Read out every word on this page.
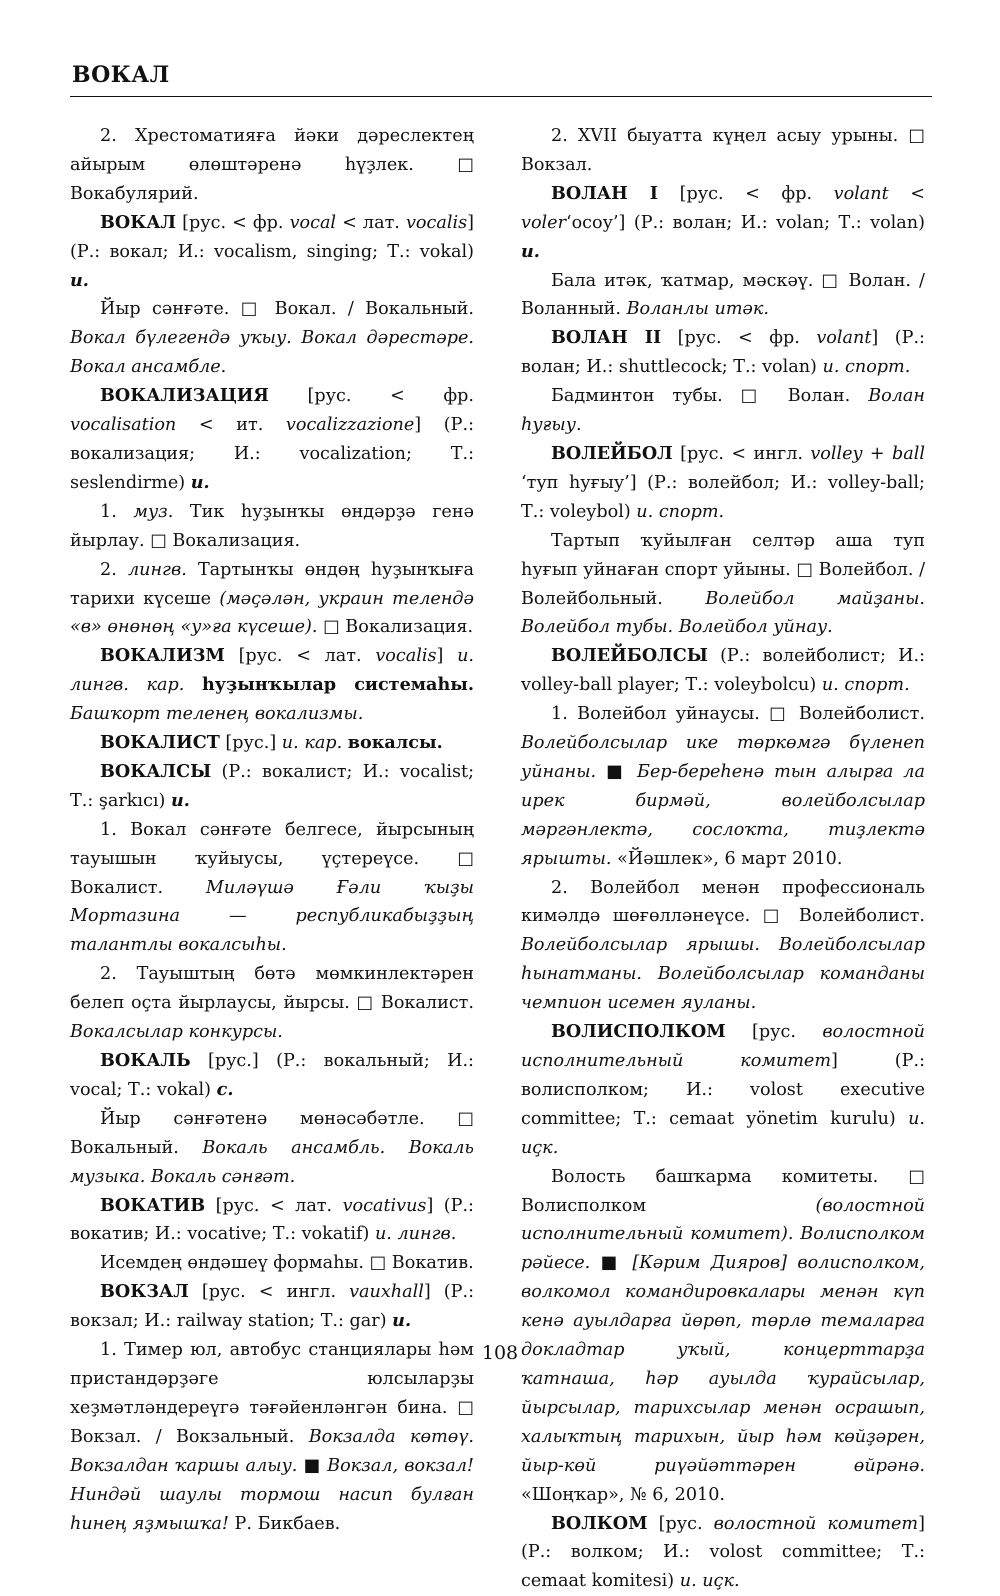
ВОКАЛ

2. Хрестоматияға йәки дәреслектең айырым өлөштәренә һүҙлек. □ Вокабулярий.

ВОКАЛ [рус. < фр. vocal < лат. vocalis] (Р.: вокал; И.: vocalism, singing; Т.: vokal) и.

Йыр сәнғәте. □ Вокал. / Вокальный. Вокал бүлегендә уҡыу. Вокал дәрестәре. Вокал ансамбле.

ВОКАЛИЗАЦИЯ [рус. < фр. vocalisation < ит. vocalizzazione] (Р.: вокализация; И.: vocalization; Т.: seslendirme) и.

1. муз. Тик һуҙынҡы өндәрҙә генә йырлау. □ Вокализация.

2. лингв. Тартынҡы өндөң һуҙынҡыға тарихи күсеше (мәҫәлән, украин телендә «в» өнөнөң «у»ға күсеше). □ Вокализация.

ВОКАЛИЗМ [рус. < лат. vocalis] и. лингв. кар. һуҙынҡылар системаһы. Башҡорт теленең вокализмы.

ВОКАЛИСТ [рус.] и. кар. вокалсы.

ВОКАЛСЫ (Р.: вокалист; И.: vocalist; Т.: şarkıcı) и.

1. Вокал сәнғәте белгесе, йырсының тауышын ҡуйыусы, үҫтереүсе. □ Вокалист. Миләүшә Ғәли ҡыҙы Мортазина — республикабыҙҙың талантлы вокалсыһы.

2. Тауыштың бөтә мөмкинлектәрен белеп оҫта йырлаусы, йырсы. □ Вокалист. Вокалсылар конкурсы.

ВОКАЛЬ [рус.] (Р.: вокальный; И.: vocal; Т.: vokal) с.

Йыр сәнғәтенә мөнәсәбәтле. □ Вокальный. Вокаль ансамбль. Вокаль музыка. Вокаль сәнғәт.

ВОКАТИВ [рус. < лат. vocativus] (Р.: вокатив; И.: vocative; Т.: vokatif) и. лингв.

Исемдең өндәшеү формаһы. □ Вокатив.

ВОКЗАЛ [рус. < ингл. vauxhall] (Р.: вокзал; И.: railway station; Т.: gar) и.

1. Тимер юл, автобус станциялары һәм пристандәрҙәге юлсыларҙы хеҙмәтләндереүгә тәғәйенләнгән бина. □ Вокзал. / Вокзальный. Вокзалда көтөү. Вокзалдан ҡаршы алыу. ■ Вокзал, вокзал! Ниндәй шаулы тормош насип булған һинең яҙмышҡа! Р. Бикбаев.

2. XVII быуатта күңел асыу урыны. □ Вокзал.

ВОЛАН I [рус. < фр. volant < voler‘осоу’] (Р.: волан; И.: volan; Т.: volan) и.

Бала итәк, ҡатмар, мәскәү. □ Волан. / Воланный. Воланлы итәк.

ВОЛАН II [рус. < фр. volant] (Р.: волан; И.: shuttlecock; Т.: volan) и. спорт.

Бадминтон тубы. □ Волан. Волан һуғыу.

ВОЛЕЙБОЛ [рус. < ингл. volley + ball ‘туп һуғыу’] (Р.: волейбол; И.: volley-ball; Т.: voleybol) и. спорт.

Тартып ҡуйылған селтәр аша туп һуғып уйнаған спорт уйыны. □ Волейбол. / Волейбольный. Волейбол майҙаны. Волейбол тубы. Волейбол уйнау.

ВОЛЕЙБОЛСЫ (Р.: волейболист; И.: volley-ball player; Т.: voleybolcu) и. спорт.

1. Волейбол уйнаусы. □ Волейболист. Волейболсылар ике төркөмгә бүленеп уйнаны. ■ Бер-береһенә тын алырға ла ирек бирмәй, волейболсылар мәргәнлектә, сослоҡта, тиҙлектә ярышты. «Йәшлек», 6 март 2010.

2. Волейбол менән профессиональ кимәлдә шөғөлләнеүсе. □ Волейболист. Волейболсылар ярышы. Волейболсылар һынатманы. Волейболсылар команданы чемпион исемен яуланы.

ВОЛИСПОЛКОМ [рус. волостной исполнительный комитет] (Р.: волисполком; И.: volost executive committee; Т.: cemaat yönetim kurulu) и. иҫк.

Волость башҡарма комитеты. □ Волисполком (волостной исполнительный комитет). Волисполком рәйесе. ■ [Кәрим Дияров] волисполком, волкомол командировкалары менән күп кенә ауылдарға йөрөп, төрлө темаларға докладтар уҡый, концерттарҙа ҡатнаша, һәр ауылда ҡурайсылар, йырсылар, тарихсылар менән осрашып, халыҡтың тарихын, йыр һәм көйҙәрен, йыр-көй риүәйәттәрен өйрәнә. «Шоңҡар», № 6, 2010.

ВОЛКОМ [рус. волостной комитет] (Р.: волком; И.: volost committee; Т.: cemaat komitesi) и. иҫк.

108
